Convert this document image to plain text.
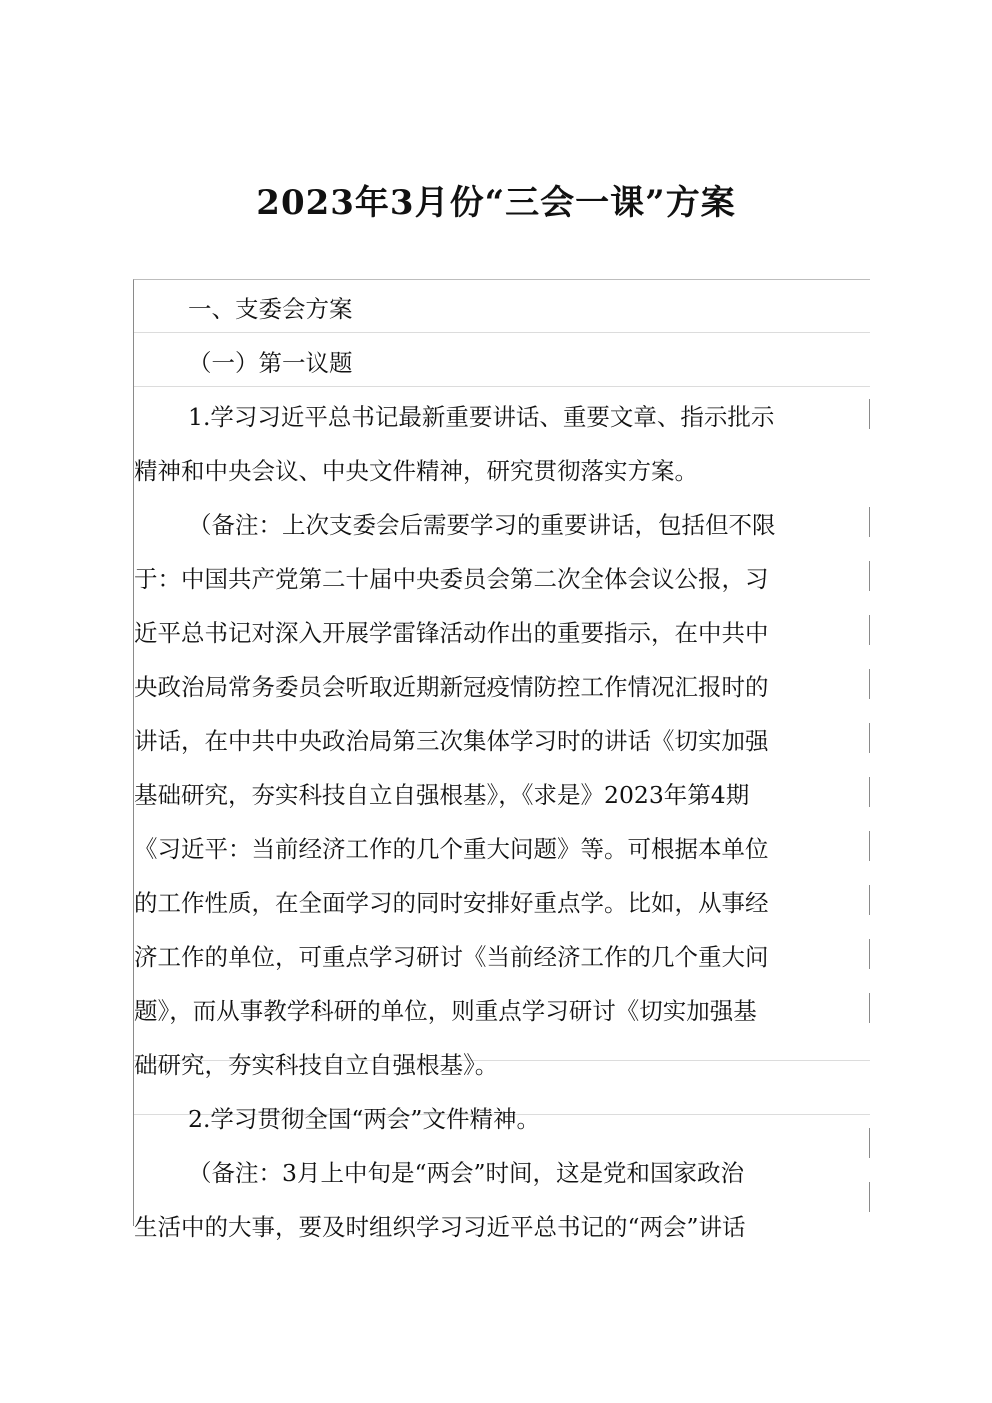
2023年3月份“三会一课”方案
一、支委会方案
（一）第一议题
1.学习习近平总书记最新重要讲话、重要文章、指示批示
精神和中央会议、中央文件精神，研究贯彻落实方案。
（备注：上次支委会后需要学习的重要讲话，包括但不限
于：中国共产党第二十届中央委员会第二次全体会议公报，习
近平总书记对深入开展学雷锋活动作出的重要指示，在中共中
央政治局常务委员会听取近期新冠疫情防控工作情况汇报时的
讲话，在中共中央政治局第三次集体学习时的讲话《切实加强
基础研究，夯实科技自立自强根基》，《求是》2023年第4期
《习近平：当前经济工作的几个重大问题》等。可根据本单位
的工作性质，在全面学习的同时安排好重点学。比如，从事经
济工作的单位，可重点学习研讨《当前经济工作的几个重大问
题》，而从事教学科研的单位，则重点学习研讨《切实加强基
础研究，夯实科技自立自强根基》。
2.学习贯彻全国“两会”文件精神。
（备注：3月上中旬是“两会”时间，这是党和国家政治
生活中的大事，要及时组织学习习近平总书记的“两会”讲话
